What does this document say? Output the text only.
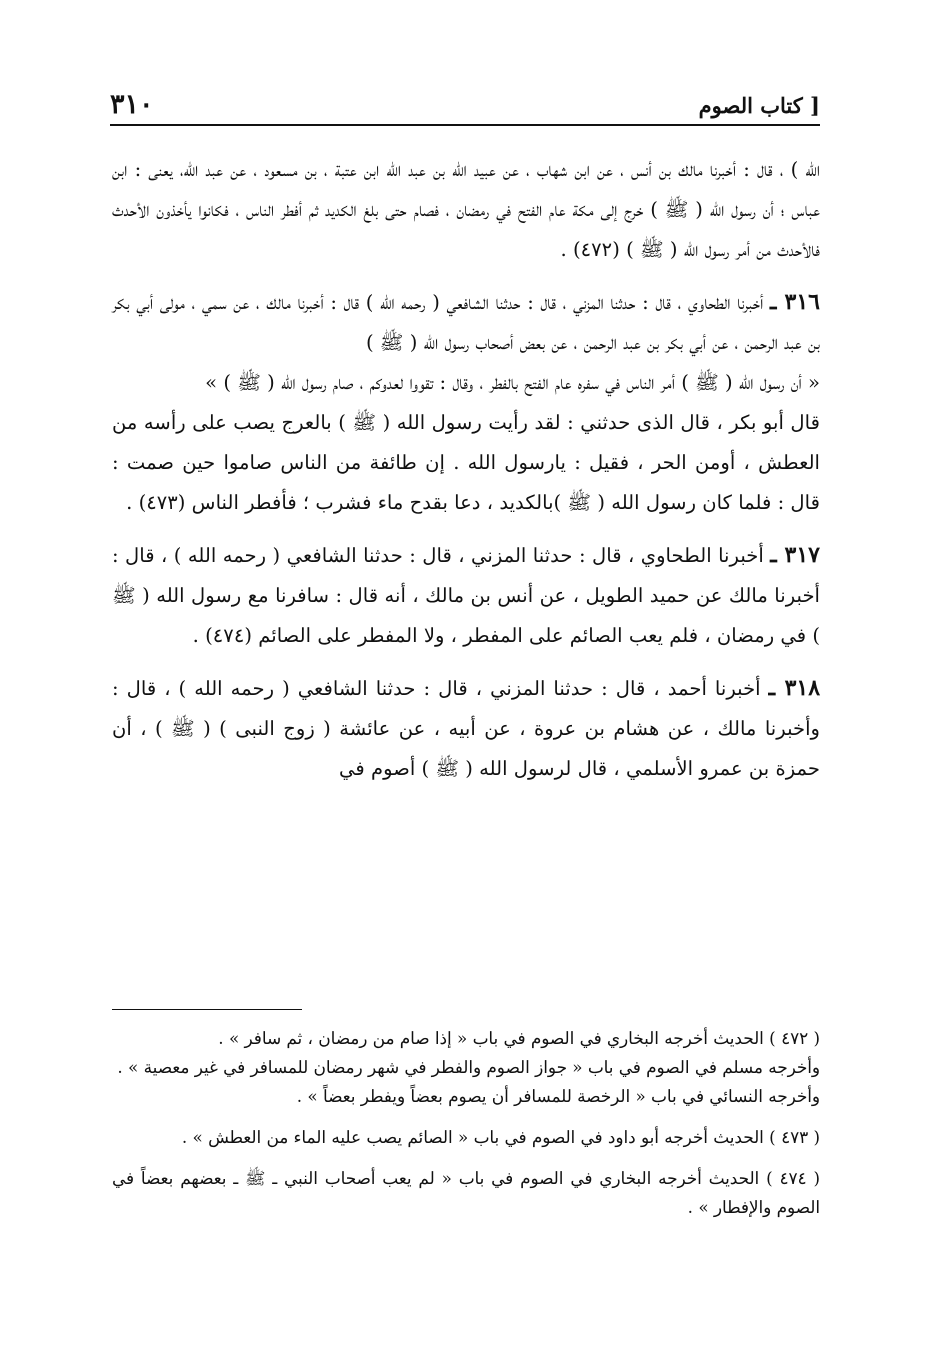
[ كتاب الصوم
٣١٠

الله ) ، قال : أخبرنا مالك بن أنس ، عن ابن شهاب ، عن عبيد الله بن عبد الله ابن عتبة ، بن مسعود ، عن عبد الله، يعنى : ابن عباس ؛ أن رسول الله ( ﷺ ) خرج إلى مكة عام الفتح في رمضان ، فصام حتى بلغ الكديد ثم أفطر الناس ، فكانوا يأخذون الأحدث فالأحدث من أمر رسول الله ( ﷺ ) (٤٧٢) .

٣١٦ ـ أخبرنا الطحاوي ، قال : حدثنا المزني ، قال : حدثنا الشافعي ( رحمه الله ) قال : أخبرنا مالك ، عن سمي ، مولى أبي بكر بن عبد الرحمن ، عن أبي بكر بن عبد الرحمن ، عن بعض أصحاب رسول الله ( ﷺ )

« أن رسول الله ( ﷺ ) أمر الناس في سفره عام الفتح بالفطر ، وقال : تقووا لعدوكم ، صام رسول الله ( ﷺ ) »

قال أبو بكر ، قال الذى حدثني : لقد رأيت رسول الله ( ﷺ ) بالعرج يصب على رأسه من العطش ، أومن الحر ، فقيل : يارسول الله . إن طائفة من الناس صاموا حين صمت : قال : فلما كان رسول الله ( ﷺ )بالكديد ، دعا بقدح ماء فشرب ؛ فأفطر الناس (٤٧٣) .

٣١٧ ـ أخبرنا الطحاوي ، قال : حدثنا المزني ، قال : حدثنا الشافعي ( رحمه الله ) ، قال : أخبرنا مالك عن حميد الطويل ، عن أنس بن مالك ، أنه قال : سافرنا مع رسول الله ( ﷺ ) في رمضان ، فلم يعب الصائم على المفطر ، ولا المفطر على الصائم (٤٧٤) .

٣١٨ ـ أخبرنا أحمد ، قال : حدثنا المزني ، قال : حدثنا الشافعي ( رحمه الله ) ، قال : وأخبرنا مالك ، عن هشام بن عروة ، عن أبيه ، عن عائشة ( زوج النبى ) ( ﷺ ) ، أن حمزة بن عمرو الأسلمي ، قال لرسول الله ( ﷺ ) أصوم في

( ٤٧٢ ) الحديث أخرجه البخاري في الصوم في باب « إذا صام من رمضان ، ثم سافر » .

وأخرجه مسلم في الصوم في باب « جواز الصوم والفطر في شهر رمضان للمسافر في غير معصية » .

وأخرجه النسائي في باب « الرخصة للمسافر أن يصوم بعضاً ويفطر بعضاً » .

( ٤٧٣ ) الحديث أخرجه أبو داود في الصوم في باب « الصائم يصب عليه الماء من العطش » .

( ٤٧٤ ) الحديث أخرجه البخاري في الصوم في باب « لم يعب أصحاب النبي ـ ﷺ ـ بعضهم بعضاً في الصوم والإفطار » .
